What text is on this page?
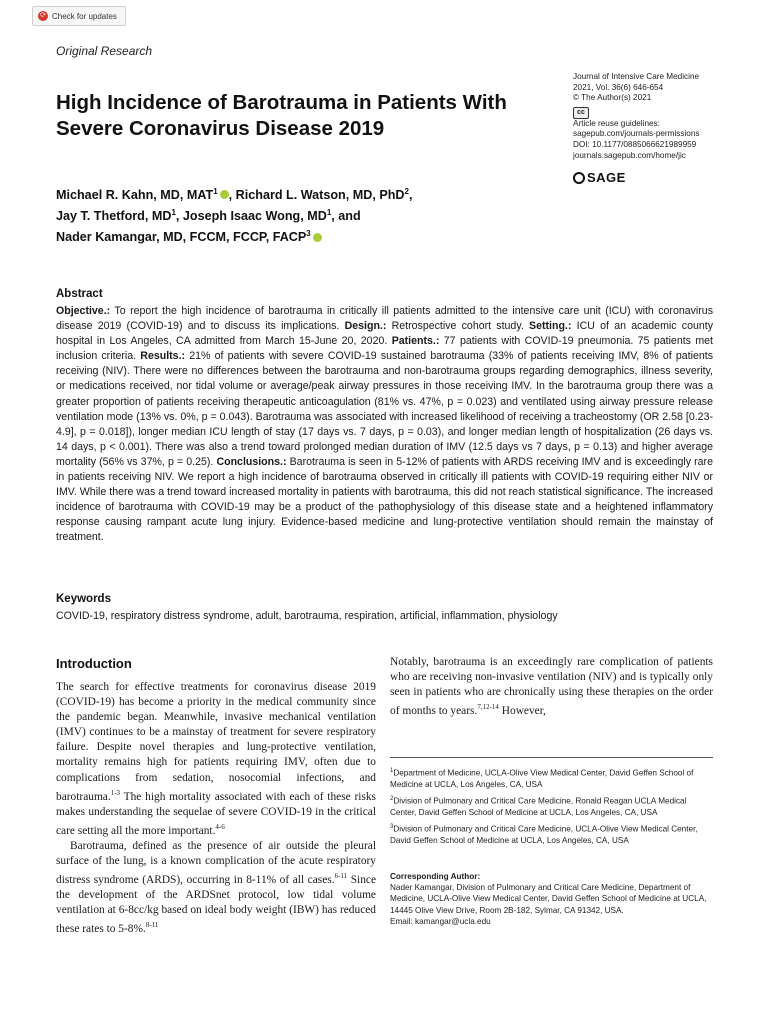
⟳ Check for updates
Original Research
High Incidence of Barotrauma in Patients With Severe Coronavirus Disease 2019
Journal of Intensive Care Medicine
2021, Vol. 36(6) 646-654
© The Author(s) 2021
cc
Article reuse guidelines:
sagepub.com/journals-permissions
DOI: 10.1177/0885066621989959
journals.sagepub.com/home/jic
SAGE
Michael R. Kahn, MD, MAT$^1$ , Richard L. Watson, MD, PhD$^2$,
Jay T. Thetford, $MD^1$, Joseph Isaac Wong, $MD^1$, and
Nader Kamangar, MD, FCCM, FCCP, FACP$^3$
Abstract
Objective.: To report the high incidence of barotrauma in critically ill patients admitted to the intensive care unit (ICU) with coronavirus disease 2019 (COVID-19) and to discuss its implications. Design.: Retrospective cohort study. Setting.: ICU of an academic county hospital in Los Angeles, CA admitted from March 15-June 20, 2020. Patients.: 77 patients with COVID-19 pneumonia. 75 patients met inclusion criteria. Results.: 21% of patients with severe COVID-19 sustained barotrauma (33% of patients receiving IMV, 8% of patients receiving (NIV). There were no differences between the barotrauma and non-barotrauma groups regarding demographics, illness severity, or medications received, nor tidal volume or average/peak airway pressures in those receiving IMV. In the barotrauma group there was a greater proportion of patients receiving therapeutic anticoagulation (81% vs. 47%, p = 0.023) and ventilated using airway pressure release ventilation mode (13% vs. 0%, p = 0.043). Barotrauma was associated with increased likelihood of receiving a tracheostomy (OR 2.58 [0.23-4.9], p = 0.018]), longer median ICU length of stay (17 days vs. 7 days, p = 0.03), and longer median length of hospitalization (26 days vs. 14 days, p < 0.001). There was also a trend toward prolonged median duration of IMV (12.5 days vs 7 days, p = 0.13) and higher average mortality (56% vs 37%, p = 0.25). Conclusions.: Barotrauma is seen in 5-12% of patients with ARDS receiving IMV and is exceedingly rare in patients receiving NIV. We report a high incidence of barotrauma observed in critically ill patients with COVID-19 requiring either NIV or IMV. While there was a trend toward increased mortality in patients with barotrauma, this did not reach statistical significance. The increased incidence of barotrauma with COVID-19 may be a product of the pathophysiology of this disease state and a heightened inflammatory response causing rampant acute lung injury. Evidence-based medicine and lung-protective ventilation should remain the mainstay of treatment.
Keywords
COVID-19, respiratory distress syndrome, adult, barotrauma, respiration, artificial, inflammation, physiology
Introduction

The search for effective treatments for coronavirus disease 2019 (COVID-19) has become a priority in the medical community since the pandemic began. Meanwhile, invasive mechanical ventilation (IMV) continues to be a mainstay of treatment for severe respiratory failure. Despite novel therapies and lung-protective ventilation, mortality remains high for patients requiring IMV, often due to complications from sedation, nosocomial infections, and barotrauma.$^{1-3}$ The high mortality associated with each of these risks makes understanding the sequelae of severe COVID-19 in the critical care setting all the more important.$^{4-6}$

Barotrauma, defined as the presence of air outside the pleural surface of the lung, is a known complication of the acute respiratory distress syndrome (ARDS), occurring in 8-11% of all cases.$^{6-11}$ Since the development of the ARDSnet protocol, low tidal volume ventilation at 6-8cc/kg based on ideal body weight (IBW) has reduced these rates to 5-8%.$^{8-11}$

Notably, barotrauma is an exceedingly rare complication of patients who are receiving non-invasive ventilation (NIV) and is typically only seen in patients who are chronically using these therapies on the order of months to years.$^{7,12-14}$ However,

$^1$Department of Medicine, UCLA-Olive View Medical Center, David Geffen School of Medicine at UCLA, Los Angeles, CA, USA

$^2$Division of Pulmonary and Critical Care Medicine, Ronald Reagan UCLA Medical Center, David Geffen School of Medicine at UCLA, Los Angeles, CA, USA

$^3$Division of Pulmonary and Critical Care Medicine, UCLA-Olive View Medical Center, David Geffen School of Medicine at UCLA, Los Angeles, CA, USA

Corresponding Author:
Nader Kamangar, Division of Pulmonary and Critical Care Medicine, Department of Medicine, UCLA-Olive View Medical Center, David Geffen School of Medicine at UCLA, 14445 Olive View Drive, Room 2B-182, Sylmar, CA 91342, USA.
Email: kamangar@ucla.edu
